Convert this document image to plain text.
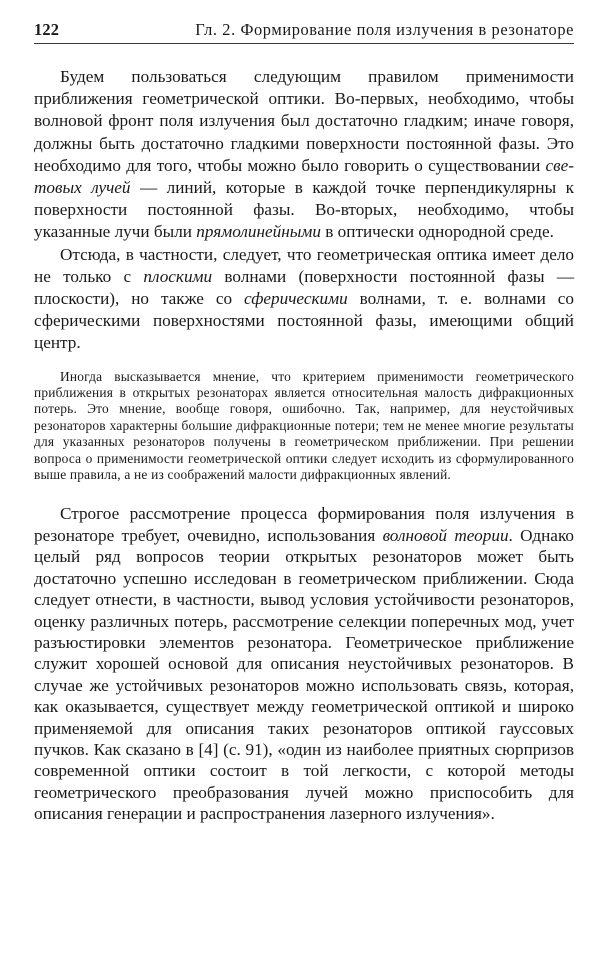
122	Гл. 2. Формирование поля излучения в резонаторе

Будем пользоваться следующим правилом применимости приближения геометрической оптики. Во-первых, необходимо, чтобы волновой фронт поля излучения был достаточно гладким; иначе говоря, должны быть достаточно гладкими поверхности постоянной фазы. Это необходимо для того, чтобы можно было говорить о существовании световых лучей — линий, которые в каждой точке перпендикулярны к поверхности постоянной фазы. Во-вторых, необходимо, чтобы указанные лучи были прямолинейными в оптически однородной среде.

Отсюда, в частности, следует, что геометрическая оптика имеет дело не только с плоскими волнами (поверхности постоянной фазы — плоскости), но также со сферическими волнами, т. е. волнами со сферическими поверхностями постоянной фазы, имеющими общий центр.

Иногда высказывается мнение, что критерием применимости геометрического приближения в открытых резонаторах является относительная малость дифракционных потерь. Это мнение, вообще говоря, ошибочно. Так, например, для неустойчивых резонаторов характерны большие дифракционные потери; тем не менее многие результаты для указанных резонаторов получены в геометрическом приближении. При решении вопроса о применимости геометрической оптики следует исходить из сформулированного выше правила, а не из соображений малости дифракционных явлений.

Строгое рассмотрение процесса формирования поля излучения в резонаторе требует, очевидно, использования волновой теории. Однако целый ряд вопросов теории открытых резонаторов может быть достаточно успешно исследован в геометрическом приближении. Сюда следует отнести, в частности, вывод условия устойчивости резонаторов, оценку различных потерь, рассмотрение селекции поперечных мод, учет разъюстировки элементов резонатора. Геометрическое приближение служит хорошей основой для описания неустойчивых резонаторов. В случае же устойчивых резонаторов можно использовать связь, которая, как оказывается, существует между геометрической оптикой и широко применяемой для описания таких резонаторов оптикой гауссовых пучков. Как сказано в [4] (с. 91), «один из наиболее приятных сюрпризов современной оптики состоит в той легкости, с которой методы геометрического преобразования лучей можно приспособить для описания генерации и распространения лазерного излучения».
